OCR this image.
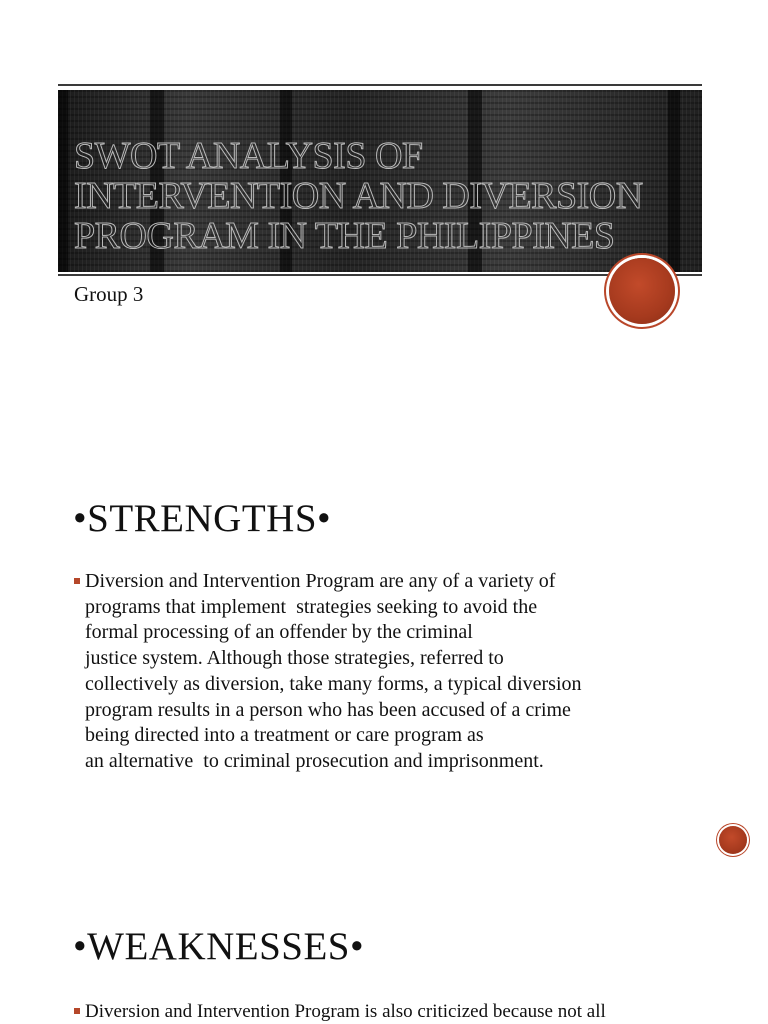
SWOT ANALYSIS OF INTERVENTION AND DIVERSION PROGRAM IN THE PHILIPPINES
Group 3
•STRENGTHS•
Diversion and Intervention Program are any of a variety of
programs that implement  strategies seeking to avoid the
formal processing of an offender by the criminal
justice system. Although those strategies, referred to
collectively as diversion, take many forms, a typical diversion
program results in a person who has been accused of a crime
being directed into a treatment or care program as
an alternative  to criminal prosecution and imprisonment.
•WEAKNESSES•
Diversion and Intervention Program is also criticized because not all
